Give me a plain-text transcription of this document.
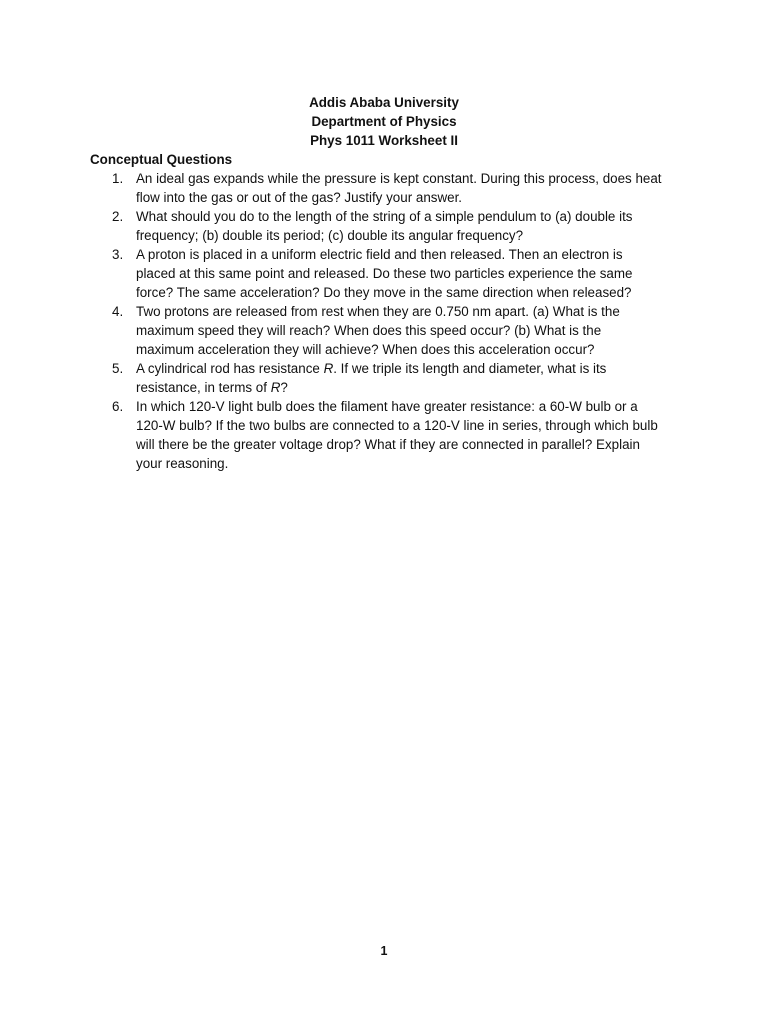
Addis Ababa University
Department of Physics
Phys 1011 Worksheet II
Conceptual Questions
1. An ideal gas expands while the pressure is kept constant. During this process, does heat
flow into the gas or out of the gas? Justify your answer.
2. What should you do to the length of the string of a simple pendulum to (a) double its
frequency; (b) double its period; (c) double its angular frequency?
3. A proton is placed in a uniform electric field and then released. Then an electron is
placed at this same point and released. Do these two particles experience the same
force? The same acceleration? Do they move in the same direction when released?
4. Two protons are released from rest when they are 0.750 nm apart. (a) What is the
maximum speed they will reach? When does this speed occur? (b) What is the
maximum acceleration they will achieve? When does this acceleration occur?
5. A cylindrical rod has resistance R. If we triple its length and diameter, what is its
resistance, in terms of R?
6. In which 120-V light bulb does the filament have greater resistance: a 60-W bulb or a
120-W bulb? If the two bulbs are connected to a 120-V line in series, through which bulb
will there be the greater voltage drop? What if they are connected in parallel? Explain
your reasoning.
1
